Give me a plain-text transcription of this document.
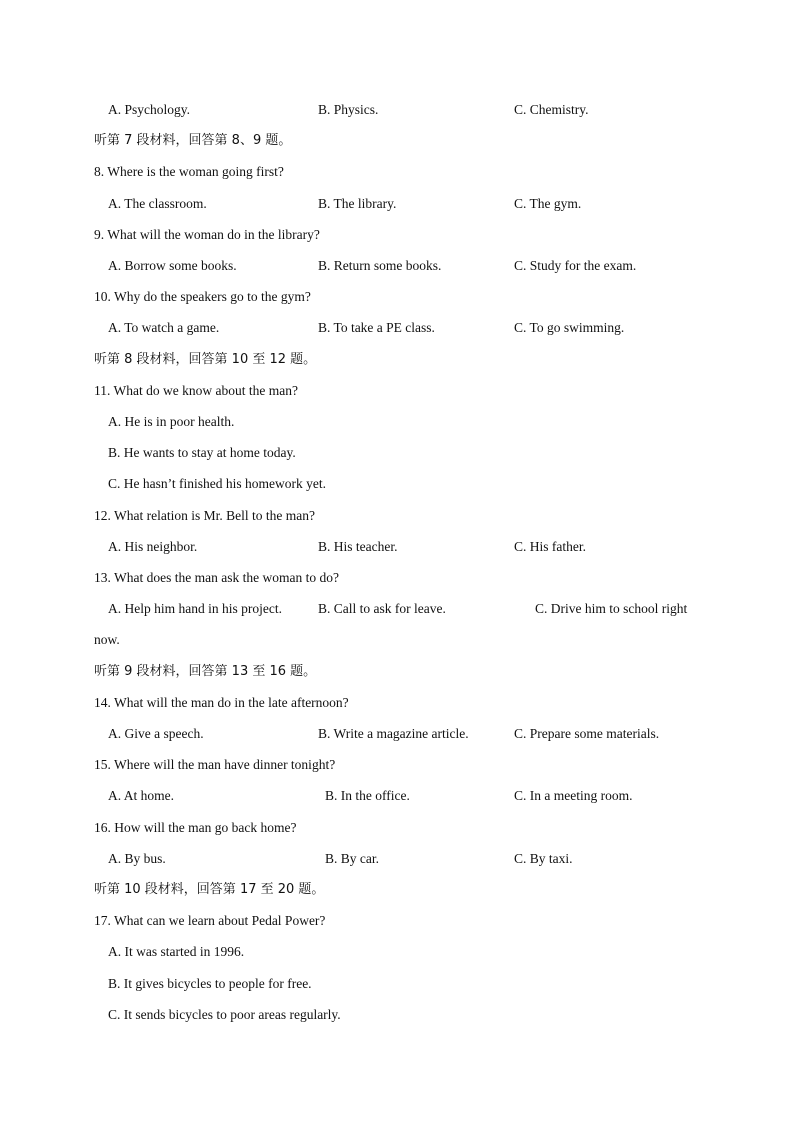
A. Psychology.	B. Physics.	C. Chemistry.
听第 7 段材料，回答第 8、9 题。
8. Where is the woman going first?
A. The classroom.	B. The library.	C. The gym.
9. What will the woman do in the library?
A. Borrow some books.	B. Return some books.	C. Study for the exam.
10. Why do the speakers go to the gym?
A. To watch a game.	B. To take a PE class.	C. To go swimming.
听第 8 段材料，回答第 10 至 12 题。
11. What do we know about the man?
A. He is in poor health.
B. He wants to stay at home today.
C. He hasn’t finished his homework yet.
12. What relation is Mr. Bell to the man?
A. His neighbor.	B. His teacher.	C. His father.
13. What does the man ask the woman to do?
A. Help him hand in his project.	B. Call to ask for leave.	C. Drive him to school right
now.
听第 9 段材料，回答第 13 至 16 题。
14. What will the man do in the late afternoon?
A. Give a speech.	B. Write a magazine article.	C. Prepare some materials.
15. Where will the man have dinner tonight?
A. At home.	B. In the office.	C. In a meeting room.
16. How will the man go back home?
A. By bus.	B. By car.	C. By taxi.
听第 10 段材料，回答第 17 至 20 题。
17. What can we learn about Pedal Power?
A. It was started in 1996.
B. It gives bicycles to people for free.
C. It sends bicycles to poor areas regularly.
